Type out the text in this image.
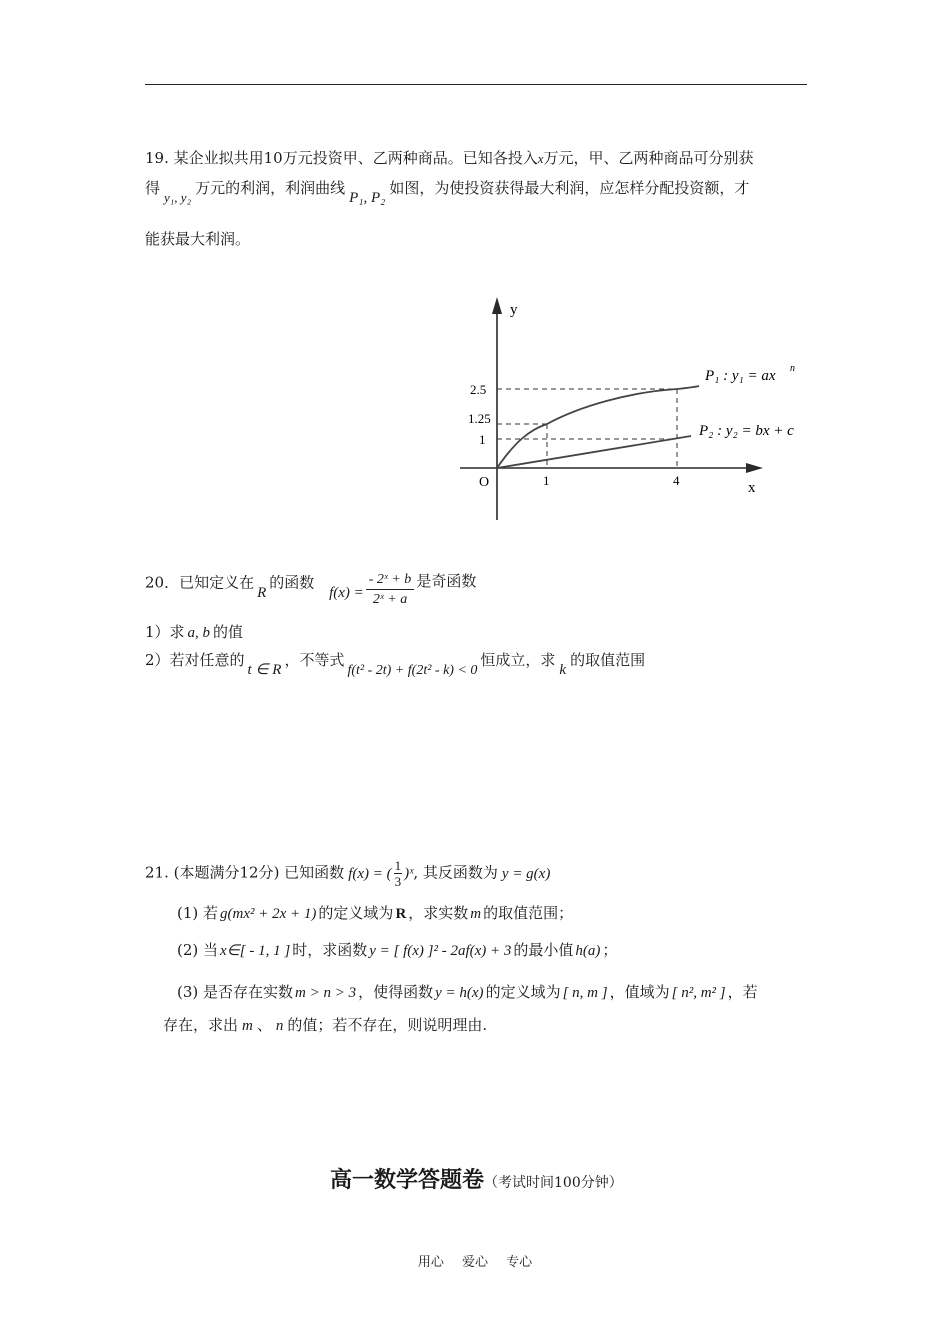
19. 某企业拟共用10万元投资甲、乙两种商品。已知各投入x万元，甲、乙两种商品可分别获
得y₁, y₂万元的利润，利润曲线P₁, P₂如图，为使投资获得最大利润，应怎样分配投资额，才
能获最大利润。
y
x
O
2.5
1.25
1
1	4
P₁ : y₁ = ax n
P₂ : y₂ = bx + c
20．已知定义在R的函数 $f(x) = \frac{\text{- 2ˣ + b}}{\text{2ˣ + a}}$ 是奇函数
1）求 a, b 的值
2）若对任意的t ∈ R，不等式f(t² - 2t) + f(2t² - k) < 0恒成立，求k的取值范围
21. (本题满分12分) 已知函数 f(x) = ( $\frac{1}{3}$ )ˣ, 其反函数为 y = g(x)
(1) 若 g(mx² + 2x + 1) 的定义域为 R ，求实数 m 的取值范围；
(2) 当 x∈[ - 1, 1 ] 时，求函数 y = [ f(x) ]² - 2af(x) + 3 的最小值 h(a) ；
(3) 是否存在实数 m > n > 3 ，使得函数 y = h(x) 的定义域为 [ n, m ] ，值域为 [ n², m² ] ，若
存在，求出 m 、 n 的值；若不存在，则说明理由.
高一数学答题卷（考试时间100分钟）
用心 爱心 专心
